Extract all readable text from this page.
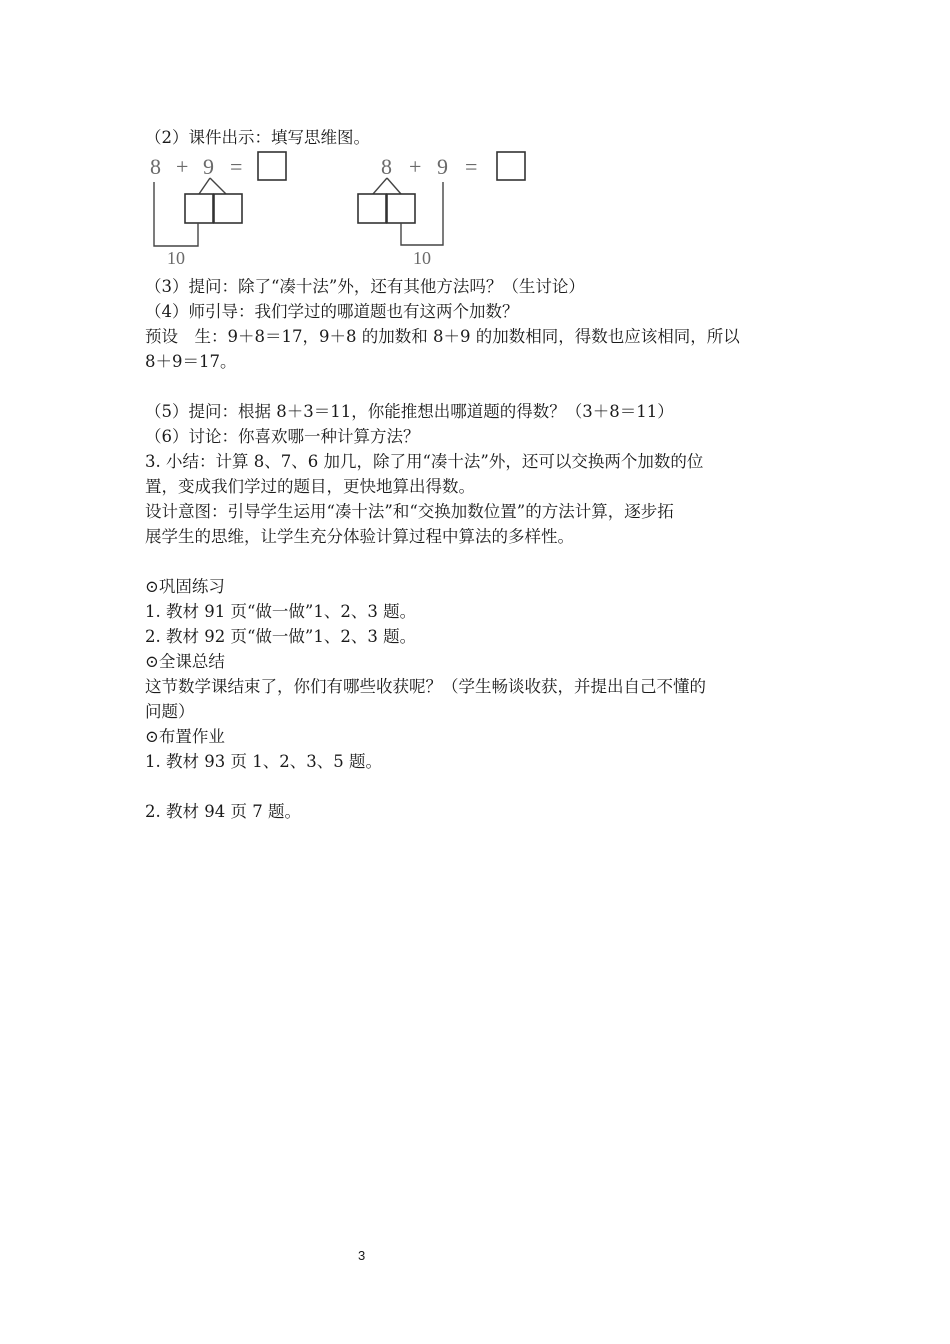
（2）课件出示：填写思维图。
8 + 9 =
10
8 + 9 =
10
（3）提问：除了“凑十法”外，还有其他方法吗？（生讨论）
（4）师引导：我们学过的哪道题也有这两个加数？
预设　生：9＋8＝17，9＋8 的加数和 8＋9 的加数相同，得数也应该相同，所以
8＋9＝17。
（5）提问：根据 8＋3＝11，你能推想出哪道题的得数？（3＋8＝11）
（6）讨论：你喜欢哪一种计算方法？
3. 小结：计算 8、7、6 加几，除了用“凑十法”外，还可以交换两个加数的位
置，变成我们学过的题目，更快地算出得数。
设计意图：引导学生运用“凑十法”和“交换加数位置”的方法计算，逐步拓
展学生的思维，让学生充分体验计算过程中算法的多样性。
⊙巩固练习
1. 教材 91 页“做一做”1、2、3 题。
2. 教材 92 页“做一做”1、2、3 题。
⊙全课总结
这节数学课结束了，你们有哪些收获呢？（学生畅谈收获，并提出自己不懂的
问题）
⊙布置作业
1. 教材 93 页 1、2、3、5 题。
2. 教材 94 页 7 题。
3
